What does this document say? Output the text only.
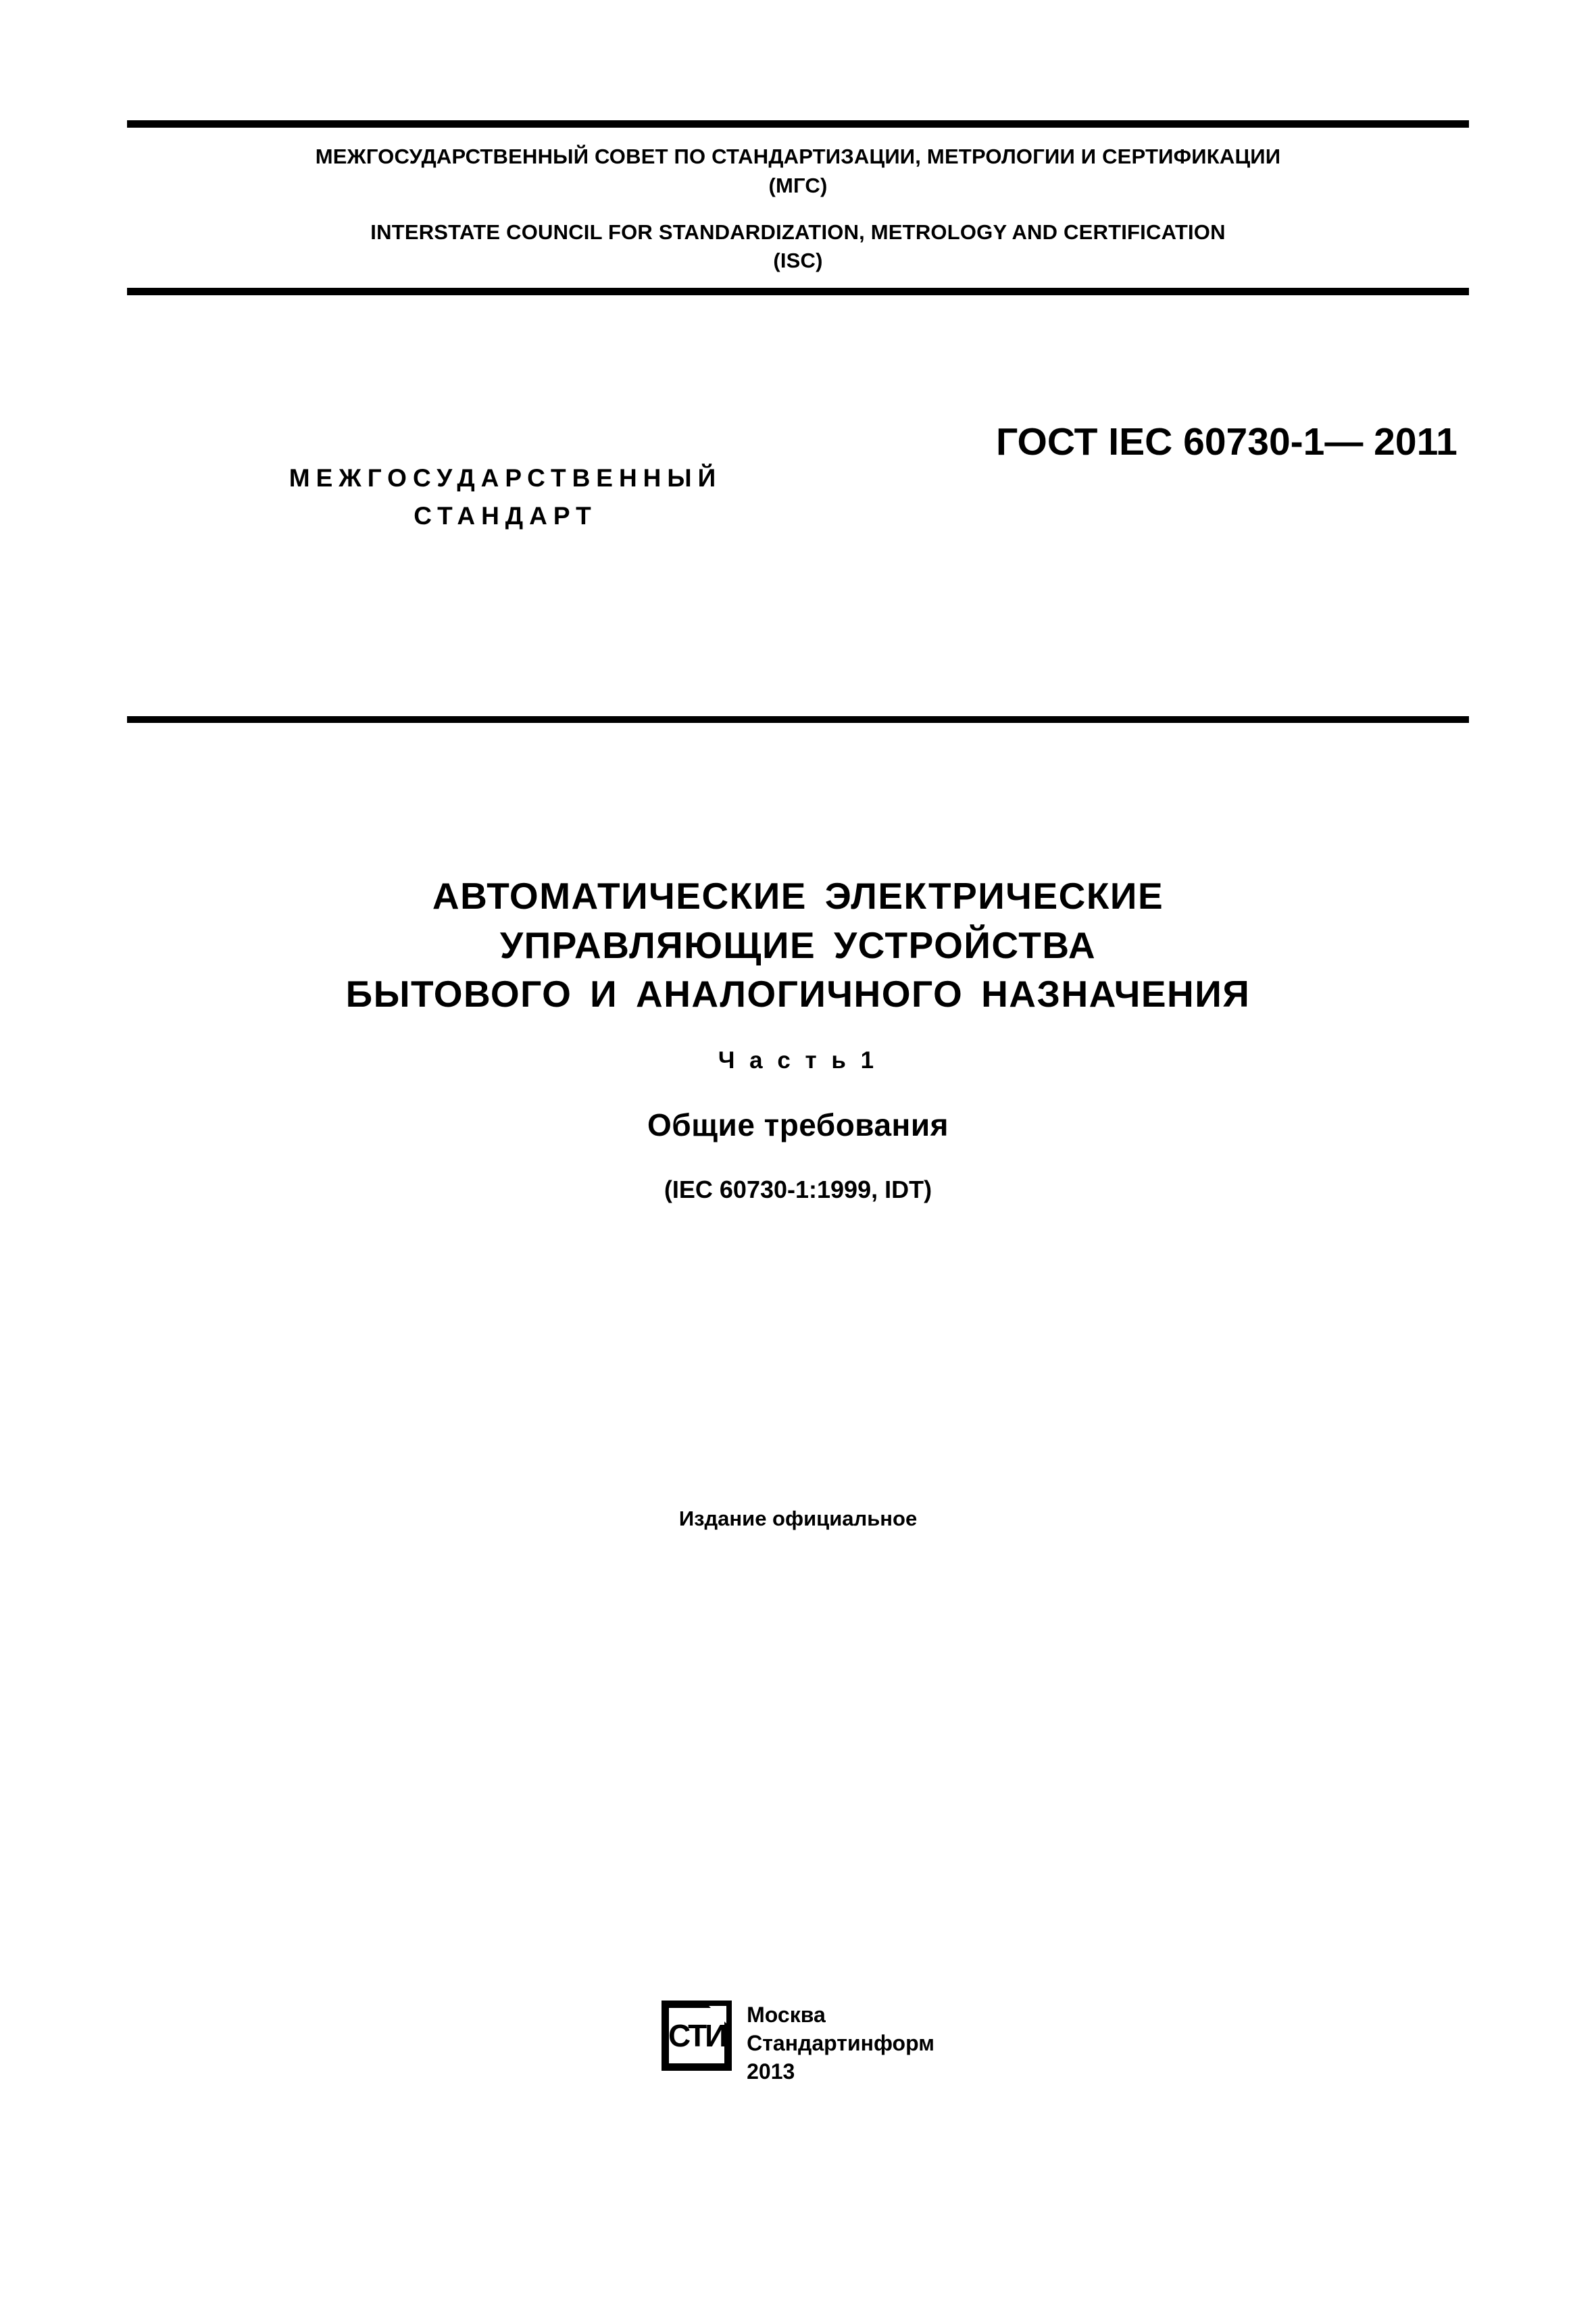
МЕЖГОСУДАРСТВЕННЫЙ СОВЕТ ПО СТАНДАРТИЗАЦИИ, МЕТРОЛОГИИ И СЕРТИФИКАЦИИ

(МГС)

INTERSTATE COUNCIL FOR STANDARDIZATION, METROLOGY AND CERTIFICATION

(ISC)

МЕЖГОСУДАРСТВЕННЫЙ
СТАНДАРТ
ГОСТ IEC 60730-1— 2011
АВТОМАТИЧЕСКИЕ ЭЛЕКТРИЧЕСКИЕ
УПРАВЛЯЮЩИЕ УСТРОЙСТВА
БЫТОВОГО И АНАЛОГИЧНОГО НАЗНАЧЕНИЯ
Ч а с т ь 1
Общие требования
(IEC 60730-1:1999, IDT)
Издание официальное
СТИ
Москва
Стандартинформ
2013
